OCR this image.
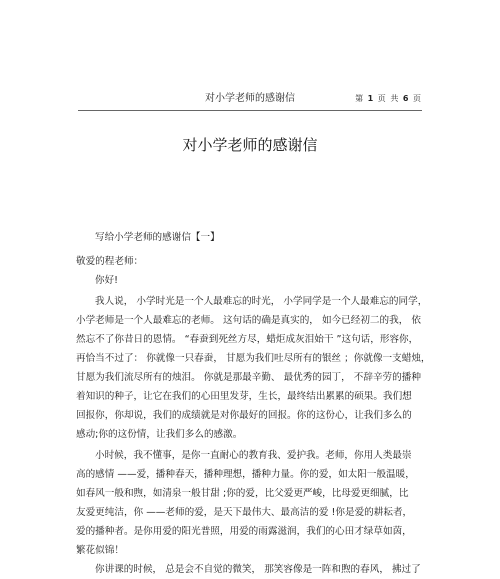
对小学老师的感谢信	第 1 页 共 6 页
对小学老师的感谢信
写给小学老师的感谢信【一】
敬爱的程老师：
你好!
我人说， 小学时光是一个人最难忘的时光， 小学同学是一个人最难忘的同学，
小学老师是一个人最难忘的老师。 这句话的确是真实的， 如今已经初二的我， 依
然忘不了你昔日的恩情。 “春蚕到死丝方尽，蜡炬成灰泪始干 ”这句话，形容你，
再恰当不过了： 你就像一只春蚕， 甘愿为我们吐尽所有的银丝 ；你就像一支蜡烛，
甘愿为我们流尽所有的烛泪。 你就是那最辛勤、 最优秀的园丁， 不辞辛劳的播种
着知识的种子，让它在我们的心田里发芽，生长，最终结出累累的硕果。我们想
回报你，你却说，我们的成绩就是对你最好的回报。你的这份心，让我们多么的
感动;你的这份情，让我们多么的感激。
小时候，我不懂事，是你一直耐心的教育我、爱护我。老师，你用人类最崇
高的感情 ——爱，播种春天，播种理想，播种力量。你的爱，如太阳一般温暖，
如春风一般和煦，如清泉一般甘甜 ;你的爱，比父爱更严峻，比母爱更细腻，比
友爱更纯洁，你 ——老师的爱，是天下最伟大、最高洁的爱 !你是爱的耕耘者，
爱的播种者。是你用爱的阳光普照，用爱的雨露滋润，我们的心田才绿草如茵，
繁花似锦！
你讲课的时候， 总是会不自觉的微笑， 那笑容像是一阵和煦的春风， 拂过了
